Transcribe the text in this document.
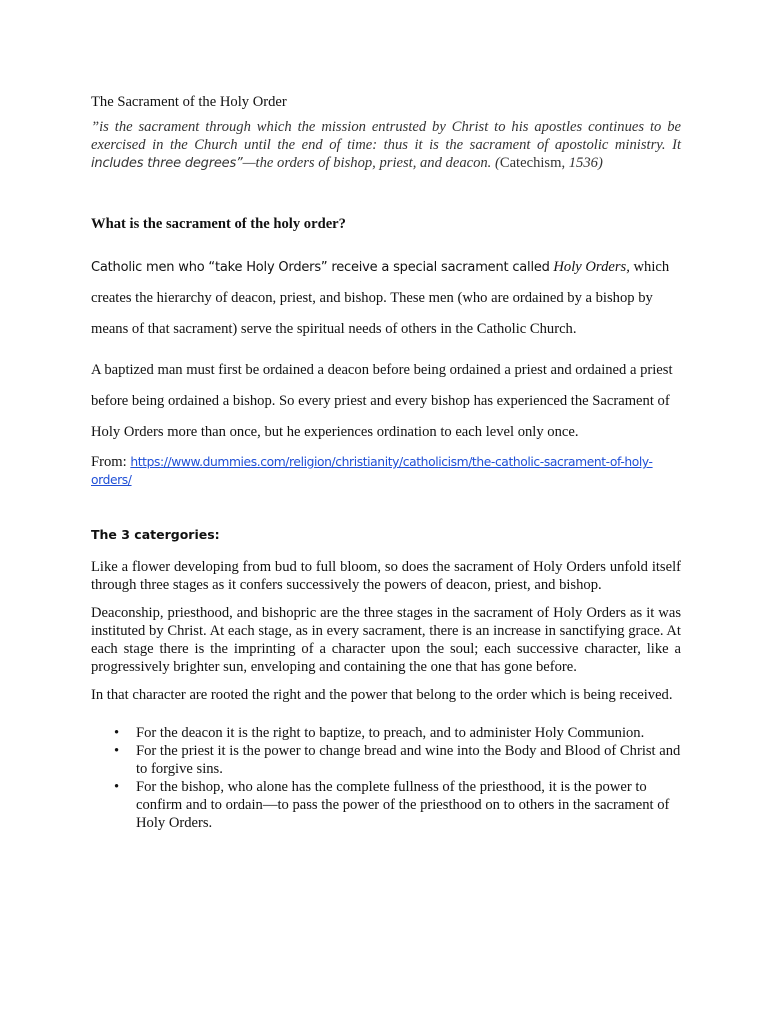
The Sacrament of the Holy Order

”is the sacrament through which the mission entrusted by Christ to his apostles continues to be exercised in the Church until the end of time: thus it is the sacrament of apostolic ministry. It includes three degrees”—the orders of bishop, priest, and deacon. (Catechism, 1536)

What is the sacrament of the holy order?

Catholic men who “take Holy Orders” receive a special sacrament called Holy Orders, which creates the hierarchy of deacon, priest, and bishop. These men (who are ordained by a bishop by means of that sacrament) serve the spiritual needs of others in the Catholic Church.

A baptized man must first be ordained a deacon before being ordained a priest and ordained a priest before being ordained a bishop. So every priest and every bishop has experienced the Sacrament of Holy Orders more than once, but he experiences ordination to each level only once.

From: https://www.dummies.com/religion/christianity/catholicism/the-catholic-sacrament-of-holy-
orders/

The 3 catergories:

Like a flower developing from bud to full bloom, so does the sacrament of Holy Orders unfold itself through three stages as it confers successively the powers of deacon, priest, and bishop.

Deaconship, priesthood, and bishopric are the three stages in the sacrament of Holy Orders as it was instituted by Christ. At each stage, as in every sacrament, there is an increase in sanctifying grace. At each stage there is the imprinting of a character upon the soul; each successive character, like a progressively brighter sun, enveloping and containing the one that has gone before.

In that character are rooted the right and the power that belong to the order which is being received.

• For the deacon it is the right to baptize, to preach, and to administer Holy Communion.
• For the priest it is the power to change bread and wine into the Body and Blood of Christ and to forgive sins.
• For the bishop, who alone has the complete fullness of the priesthood, it is the power to confirm and to ordain—to pass the power of the priesthood on to others in the sacrament of Holy Orders.
